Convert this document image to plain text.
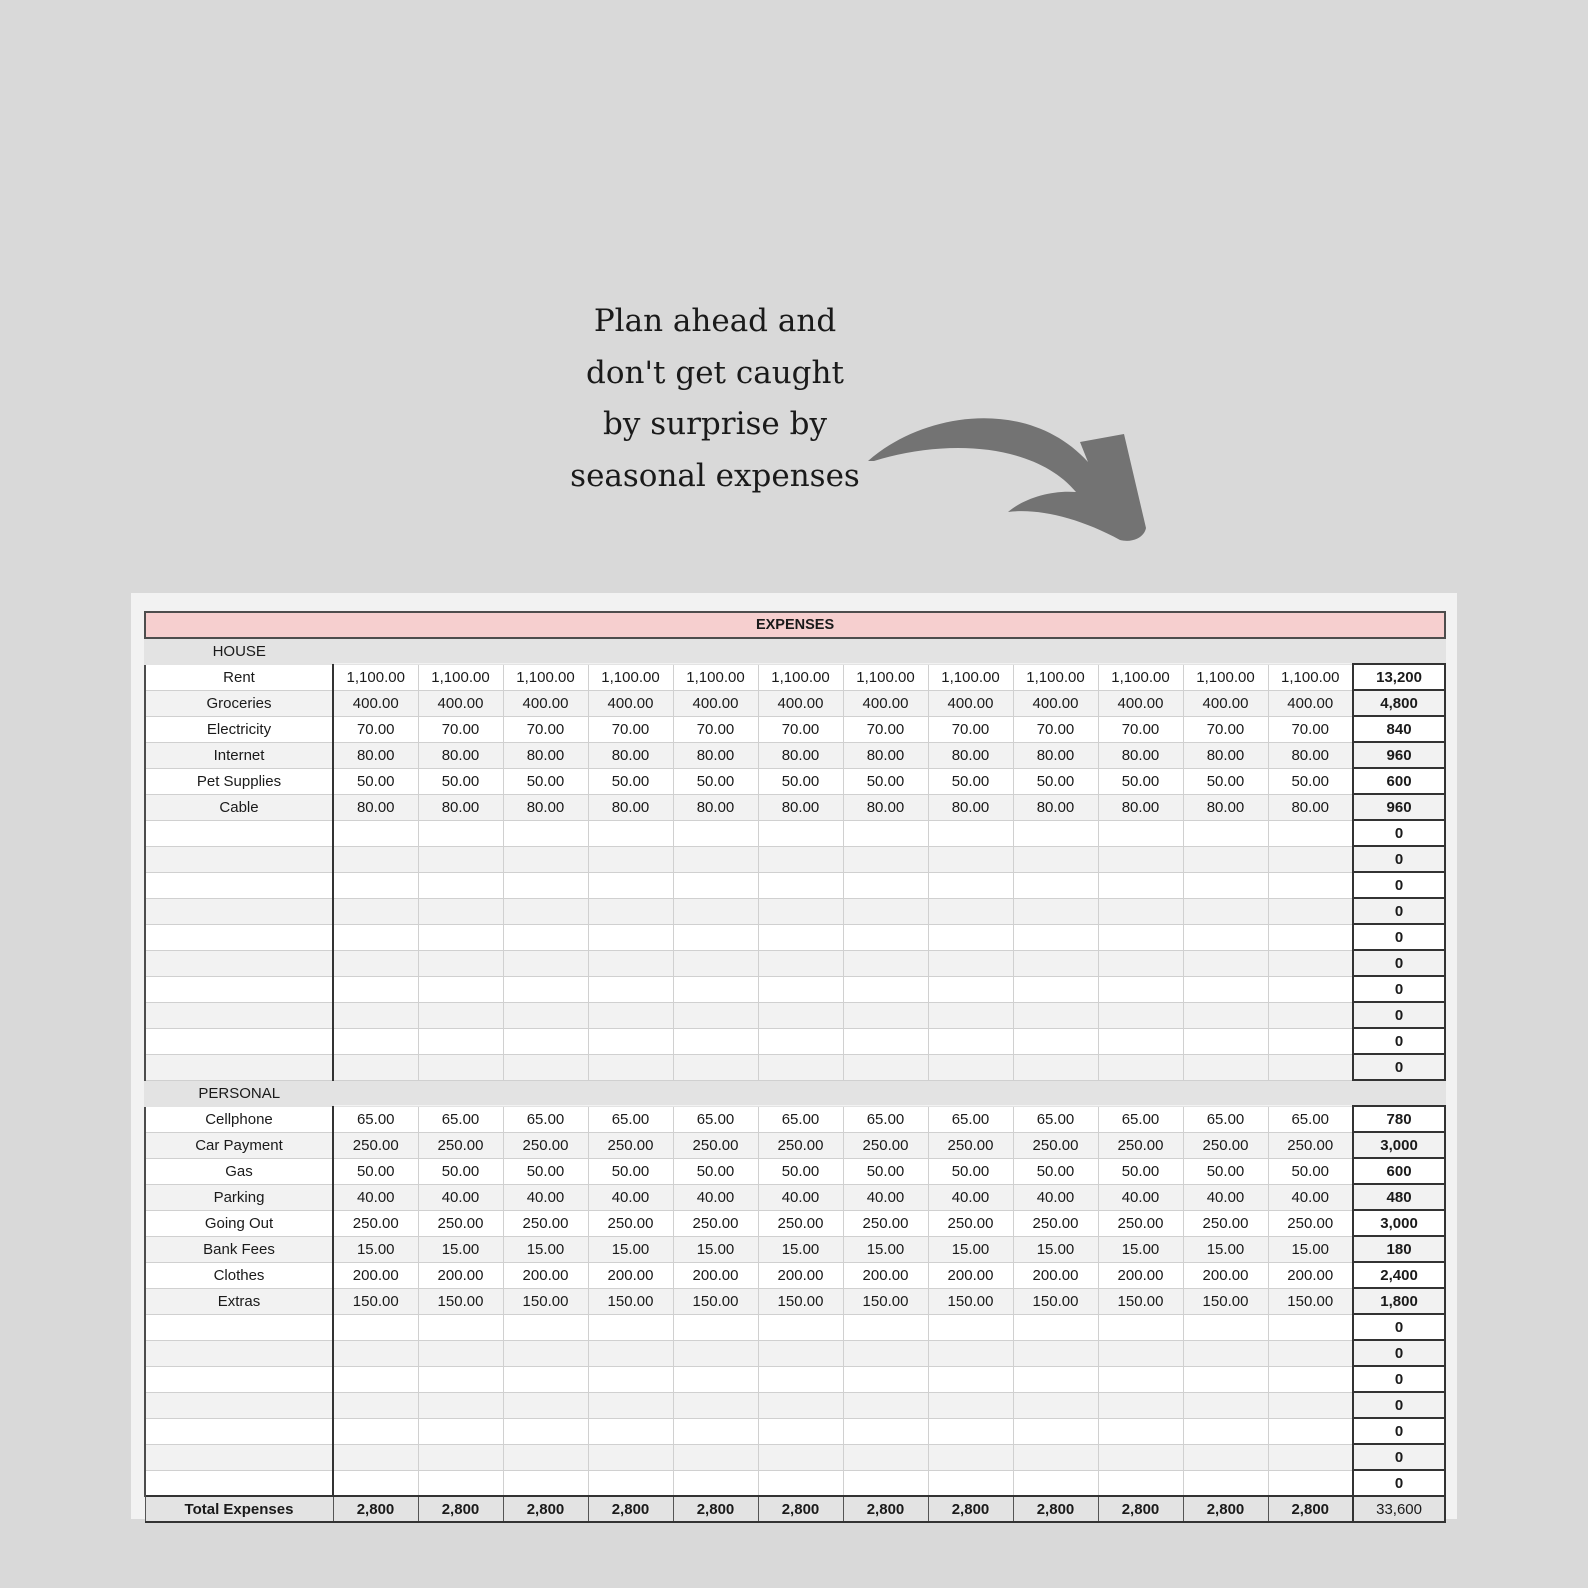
Plan ahead and
don't get caught
by surprise by
seasonal expenses
EXPENSES													
HOUSE													
Rent	1,100.00	1,100.00	1,100.00	1,100.00	1,100.00	1,100.00	1,100.00	1,100.00	1,100.00	1,100.00	1,100.00	1,100.00	13,200
Groceries	400.00	400.00	400.00	400.00	400.00	400.00	400.00	400.00	400.00	400.00	400.00	400.00	4,800
Electricity	70.00	70.00	70.00	70.00	70.00	70.00	70.00	70.00	70.00	70.00	70.00	70.00	840
Internet	80.00	80.00	80.00	80.00	80.00	80.00	80.00	80.00	80.00	80.00	80.00	80.00	960
Pet Supplies	50.00	50.00	50.00	50.00	50.00	50.00	50.00	50.00	50.00	50.00	50.00	50.00	600
Cable	80.00	80.00	80.00	80.00	80.00	80.00	80.00	80.00	80.00	80.00	80.00	80.00	960
													0
													0
													0
													0
													0
													0
													0
													0
													0
													0
PERSONAL													
Cellphone	65.00	65.00	65.00	65.00	65.00	65.00	65.00	65.00	65.00	65.00	65.00	65.00	780
Car Payment	250.00	250.00	250.00	250.00	250.00	250.00	250.00	250.00	250.00	250.00	250.00	250.00	3,000
Gas	50.00	50.00	50.00	50.00	50.00	50.00	50.00	50.00	50.00	50.00	50.00	50.00	600
Parking	40.00	40.00	40.00	40.00	40.00	40.00	40.00	40.00	40.00	40.00	40.00	40.00	480
Going Out	250.00	250.00	250.00	250.00	250.00	250.00	250.00	250.00	250.00	250.00	250.00	250.00	3,000
Bank Fees	15.00	15.00	15.00	15.00	15.00	15.00	15.00	15.00	15.00	15.00	15.00	15.00	180
Clothes	200.00	200.00	200.00	200.00	200.00	200.00	200.00	200.00	200.00	200.00	200.00	200.00	2,400
Extras	150.00	150.00	150.00	150.00	150.00	150.00	150.00	150.00	150.00	150.00	150.00	150.00	1,800
													0
													0
													0
													0
													0
													0
													0
Total Expenses	2,800	2,800	2,800	2,800	2,800	2,800	2,800	2,800	2,800	2,800	2,800	2,800	33,600
